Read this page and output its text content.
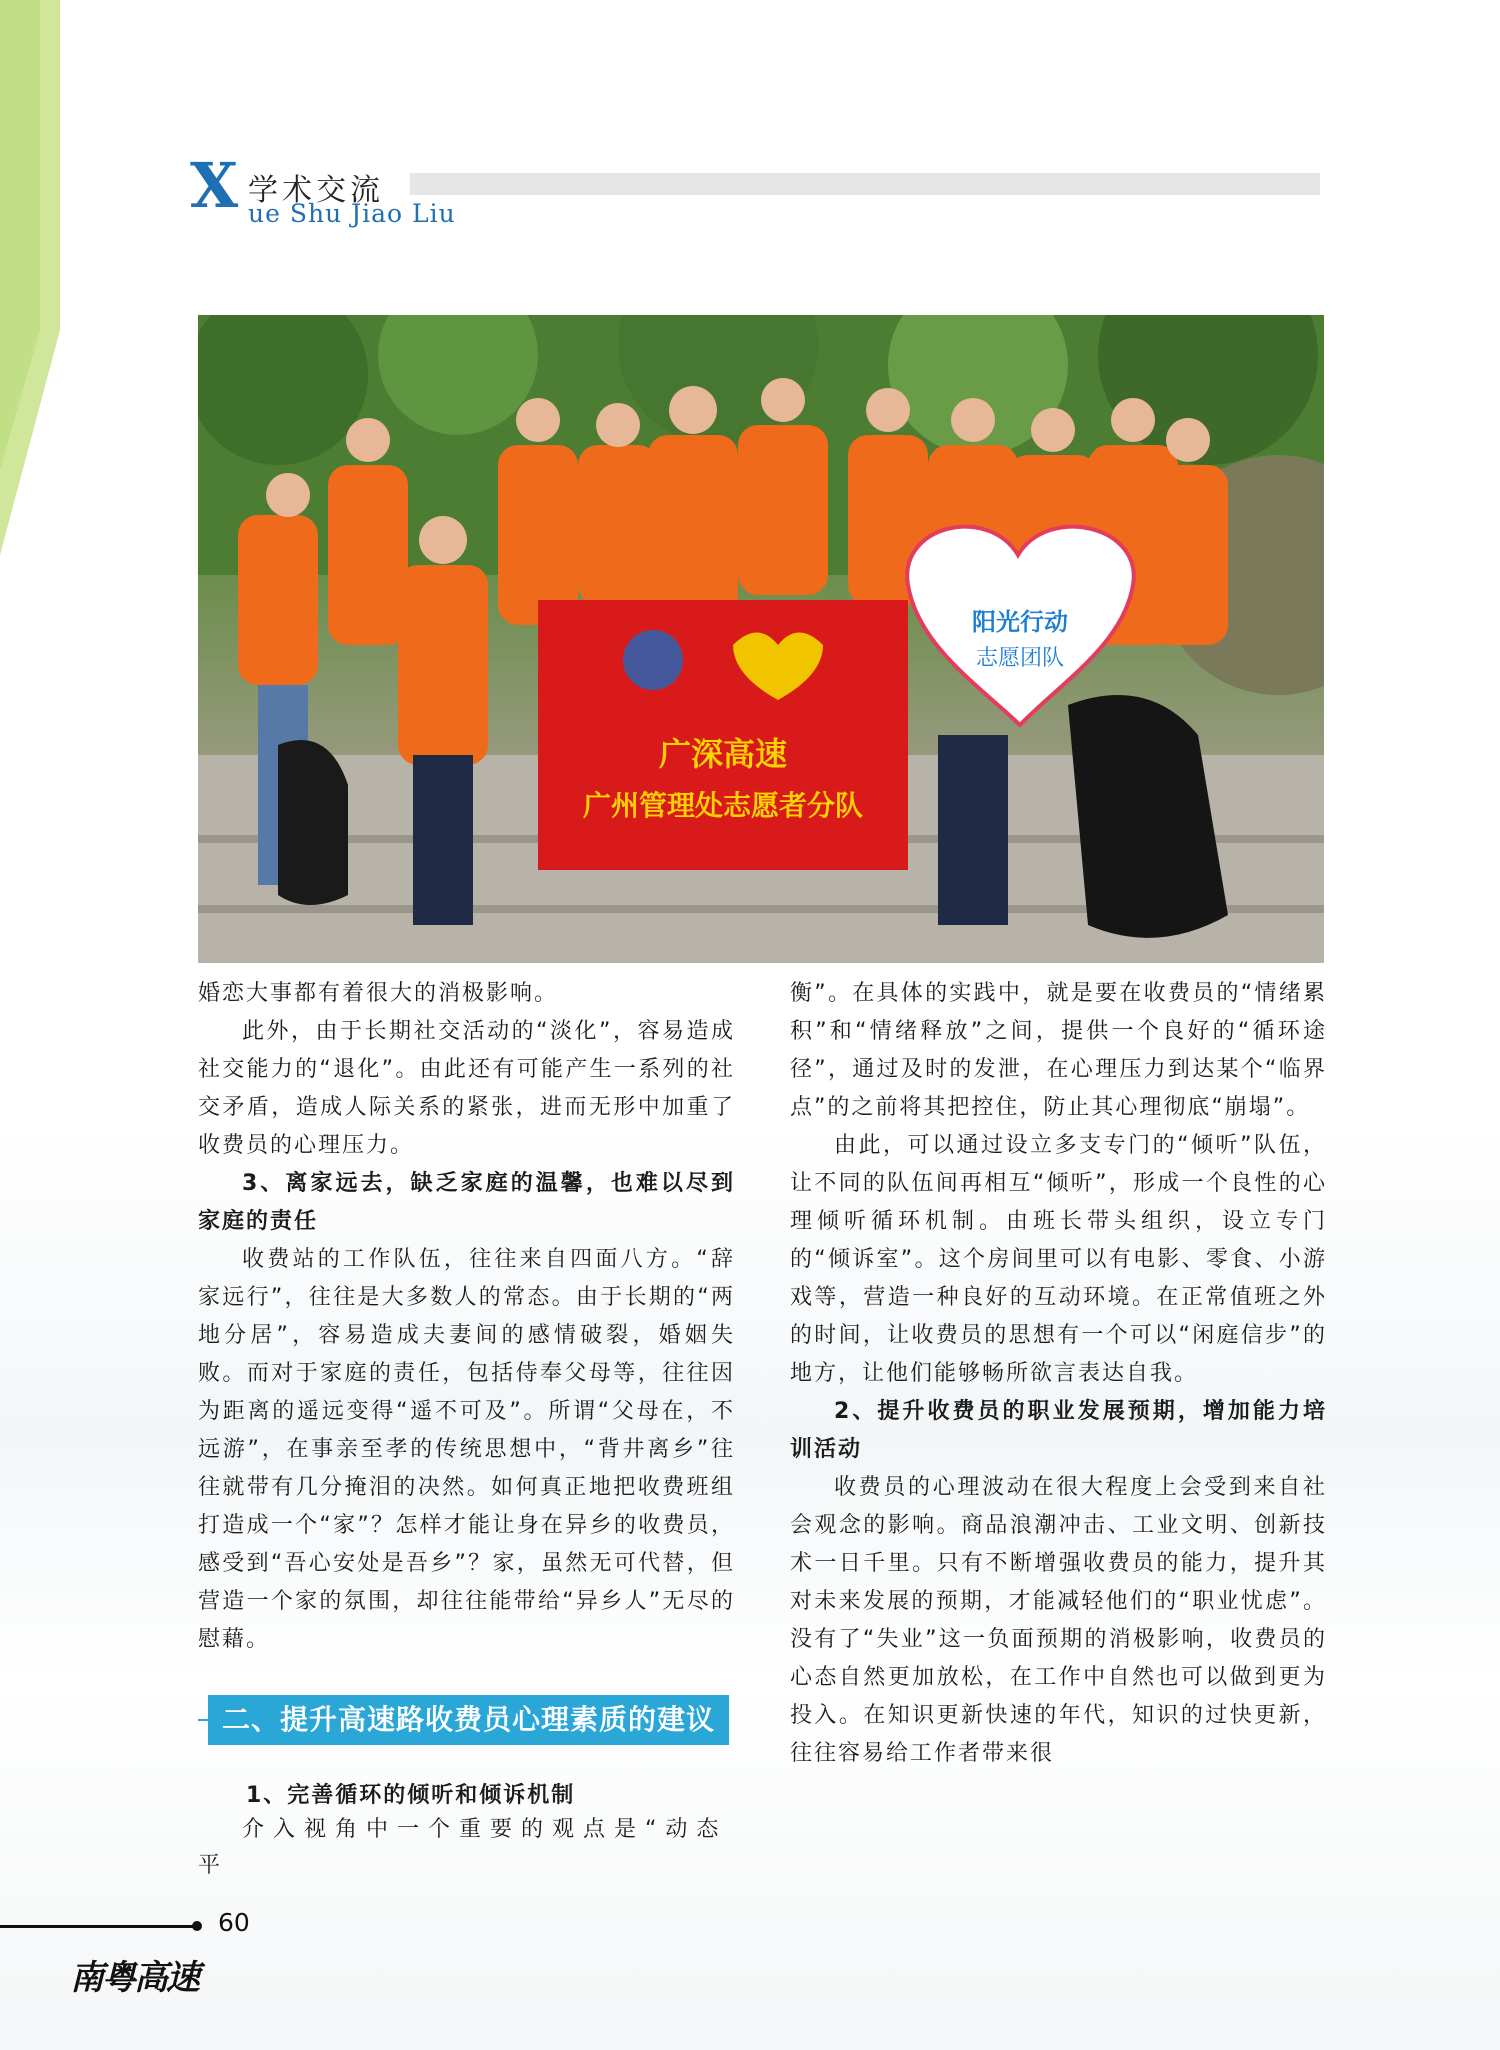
X 学术交流
ue Shu Jiao Liu
广深高速
广州管理处志愿者分队
阳光行动
志愿团队

婚恋大事都有着很大的消极影响。

此外，由于长期社交活动的“淡化”，容易造成社交能力的“退化”。由此还有可能产生一系列的社交矛盾，造成人际关系的紧张，进而无形中加重了收费员的心理压力。

3、离家远去，缺乏家庭的温馨，也难以尽到家庭的责任

收费站的工作队伍，往往来自四面八方。“辞家远行”，往往是大多数人的常态。由于长期的“两地分居”，容易造成夫妻间的感情破裂，婚姻失败。而对于家庭的责任，包括侍奉父母等，往往因为距离的遥远变得“遥不可及”。所谓“父母在，不远游”，在事亲至孝的传统思想中，“背井离乡”往往就带有几分掩泪的决然。如何真正地把收费班组打造成一个“家”？怎样才能让身在异乡的收费员，感受到“吾心安处是吾乡”？家，虽然无可代替，但营造一个家的氛围，却往往能带给“异乡人”无尽的慰藉。

二、提升高速路收费员心理素质的建议
1、完善循环的倾听和倾诉机制
介入视角中一个重要的观点是“动态平

衡”。在具体的实践中，就是要在收费员的“情绪累积”和“情绪释放”之间，提供一个良好的“循环途径”，通过及时的发泄，在心理压力到达某个“临界点”的之前将其把控住，防止其心理彻底“崩塌”。

由此，可以通过设立多支专门的“倾听”队伍，让不同的队伍间再相互“倾听”，形成一个良性的心理倾听循环机制。由班长带头组织，设立专门的“倾诉室”。这个房间里可以有电影、零食、小游戏等，营造一种良好的互动环境。在正常值班之外的时间，让收费员的思想有一个可以“闲庭信步”的地方，让他们能够畅所欲言表达自我。

2、提升收费员的职业发展预期，增加能力培训活动

收费员的心理波动在很大程度上会受到来自社会观念的影响。商品浪潮冲击、工业文明、创新技术一日千里。只有不断增强收费员的能力，提升其对未来发展的预期，才能减轻他们的“职业忧虑”。没有了“失业”这一负面预期的消极影响，收费员的心态自然更加放松，在工作中自然也可以做到更为投入。在知识更新快速的年代，知识的过快更新，往往容易给工作者带来很

60
南粤高速
